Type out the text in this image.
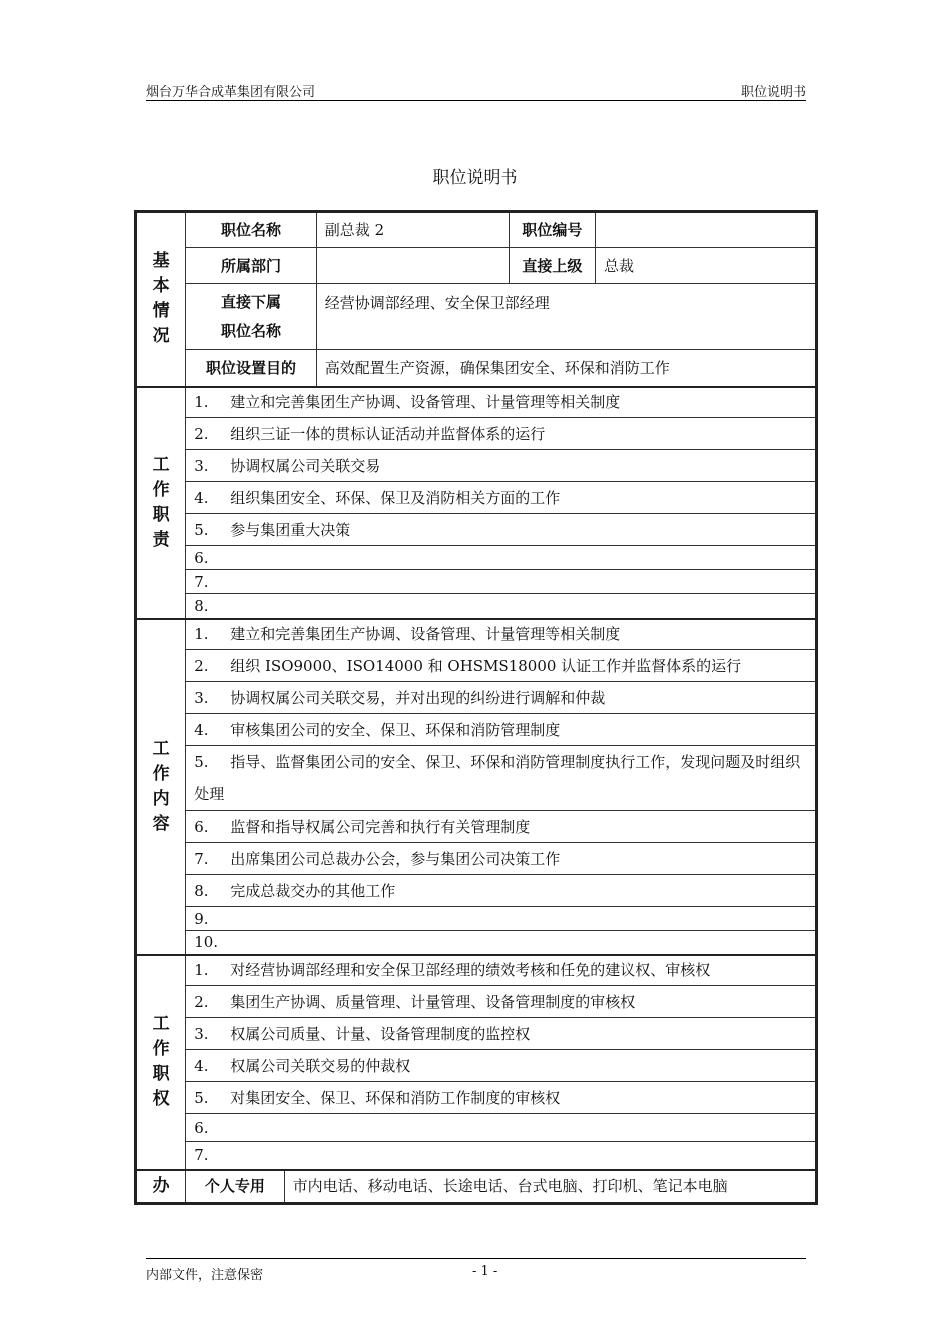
烟台万华合成革集团有限公司	职位说明书
职位说明书
基
本
情
况	职位名称		副总裁 2	职位编号	
	所属部门			直接上级	总裁

	直接下属
职位名称		经营协调部经理、安全保卫部经理		
	职位设置目的		高效配置生产资源，确保集团安全、环保和消防工作		

工
作
职
责	1. 建立和完善集团生产协调、设备管理、计量管理等相关制度				
	2. 组织三证一体的贯标认证活动并监督体系的运行				
	3. 协调权属公司关联交易				
	4. 组织集团安全、环保、保卫及消防相关方面的工作				
	5. 参与集团重大决策				
	6.				
	7.				
	8.				

工
作
内
容	1. 建立和完善集团生产协调、设备管理、计量管理等相关制度				
	2. 组织 ISO9000、ISO14000 和 OHSMS18000 认证工作并监督体系的运行				
	3. 协调权属公司关联交易，并对出现的纠纷进行调解和仲裁				
	4. 审核集团公司的安全、保卫、环保和消防管理制度				
	5. 指导、监督集团公司的安全、保卫、环保和消防管理制度执行工作，发现问题及时组织处理				
	6. 监督和指导权属公司完善和执行有关管理制度				
	7. 出席集团公司总裁办公会，参与集团公司决策工作				
	8. 完成总裁交办的其他工作				
	9.				
	10.				

工
作
职
权	1. 对经营协调部经理和安全保卫部经理的绩效考核和任免的建议权、审核权				
	2. 集团生产协调、质量管理、计量管理、设备管理制度的审核权				
	3. 权属公司质量、计量、设备管理制度的监控权				
	4. 权属公司关联交易的仲裁权				
	5. 对集团安全、保卫、环保和消防工作制度的审核权				
	6.				
	7.				

办	个人专用	市内电话、移动电话、长途电话、台式电脑、打印机、笔记本电脑			
内部文件，注意保密	- 1 -
